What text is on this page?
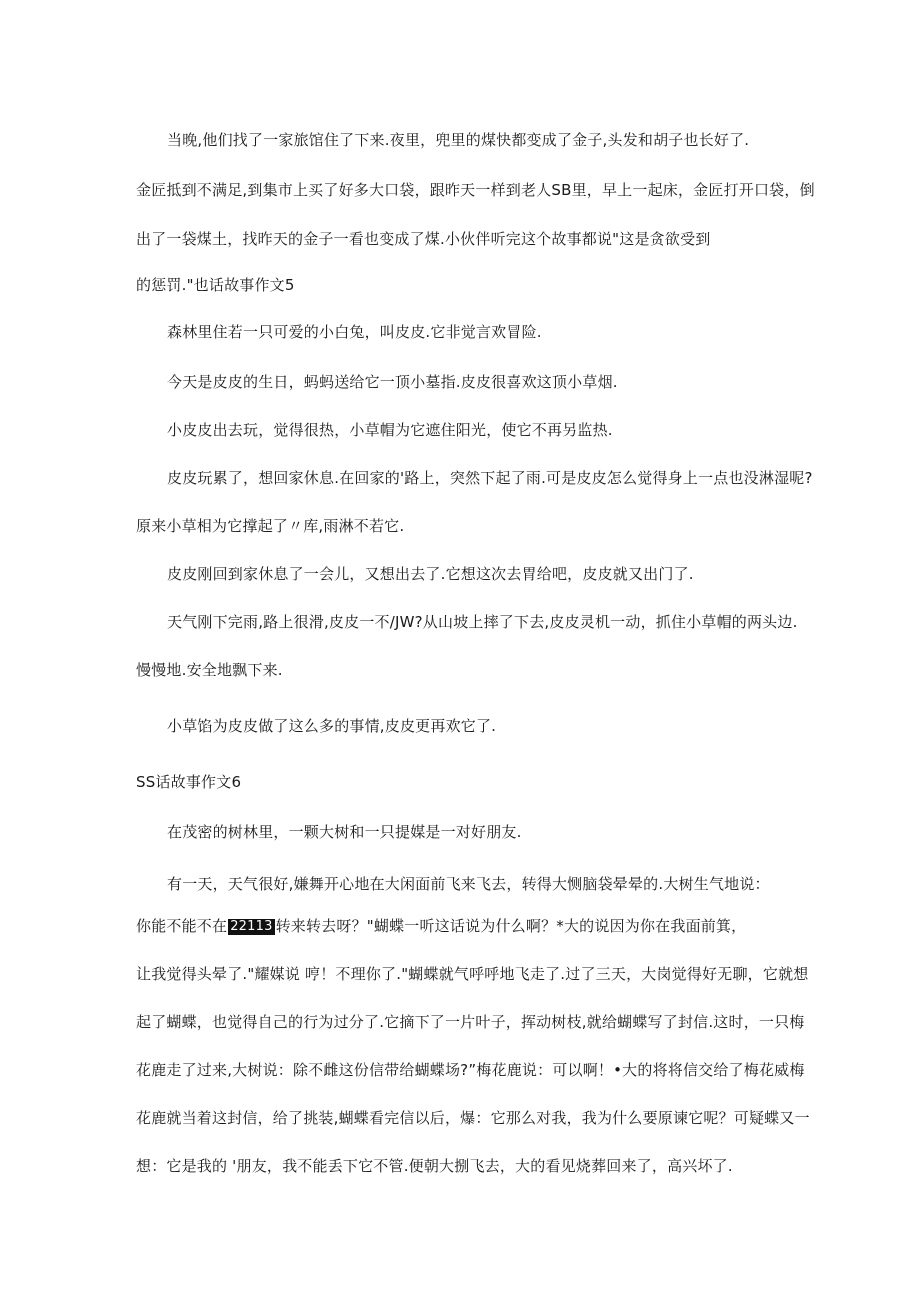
当晚,他们找了一家旅馆住了下来.夜里，兜里的煤快都变成了金子,头发和胡子也长好了.
金匠抵到不满足,到集市上买了好多大口袋，跟昨天一样到老人SB里，早上一起床，金匠打开口袋，倒
出了一袋煤土，找昨天的金子一看也变成了煤.小伙伴听完这个故事都说"这是贪欲受到
的惩罚."也话故事作文5
森林里住若一只可爱的小白兔，叫皮皮.它非觉言欢冒险.
今天是皮皮的生日，蚂蚂送给它一顶小墓指.皮皮很喜欢这顶小草烟.
小皮皮出去玩，觉得很热，小草帽为它遮住阳光，使它不再另监热.
皮皮玩累了，想回家休息.在回家的'路上，突然下起了雨.可是皮皮怎么觉得身上一点也没淋湿呢?
原来小草相为它撑起了〃库,雨淋不若它.
皮皮刚回到家休息了一会儿，又想出去了.它想这次去胃给吧，皮皮就又出门了.
天气刚下完雨,路上很滑,皮皮一不/JW?从山坡上摔了下去,皮皮灵机一动，抓住小草帽的两头边.
慢慢地.安全地飘下来.
小草馅为皮皮做了这么多的事情,皮皮更再欢它了.
SS话故事作文6
在茂密的树林里，一颗大树和一只提媒是一对好朋友.
有一天，天气很好,嫌舞开心地在大闲面前飞来飞去，转得大恻脑袋晕晕的.大树生气地说：
你能不能不在 22113 转来转去呀？"蝴蝶一听这话说为什么啊？*大的说因为你在我面前箕，
让我觉得头晕了."耀媒说 哼！不理你了."蝴蝶就气呼呼地飞走了.过了三天，大岗觉得好无聊，它就想
起了蝴蝶，也觉得自己的行为过分了.它摘下了一片叶子，挥动树枝,就给蝴蝶写了封信.这时，一只梅
花鹿走了过来,大树说：除不雌这份信带给蝴蝶场?”梅花鹿说：可以啊！•大的将将信交给了梅花威梅
花鹿就当着这封信，给了挑装,蝴蝶看完信以后，爆：它那么对我，我为什么要原谏它呢？可疑蝶又一
想：它是我的 '朋友，我不能丢下它不管.便朝大捌飞去，大的看见烧葬回来了，高兴坏了.
